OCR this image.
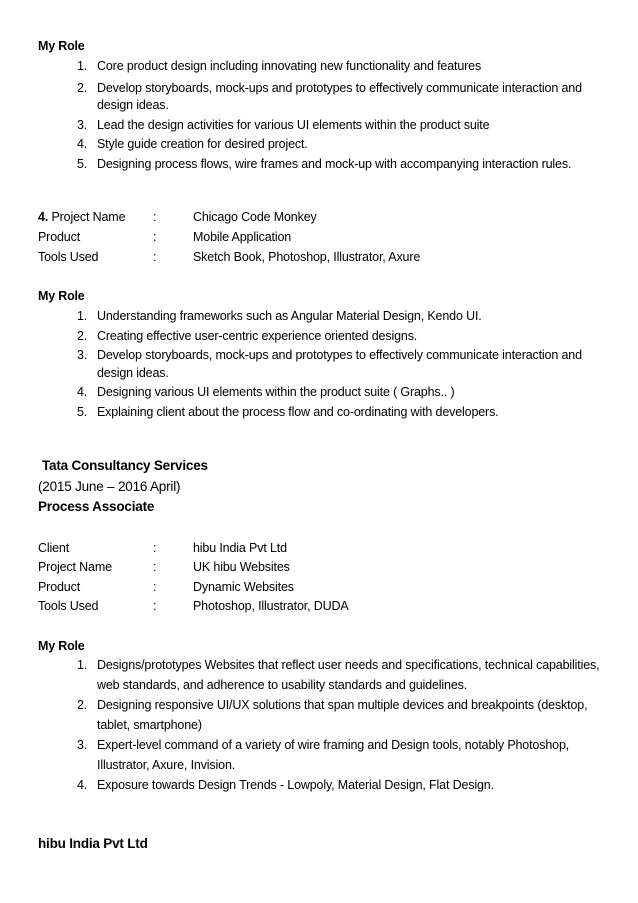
My Role
1. Core product design including innovating new functionality and features
2. Develop storyboards, mock-ups and prototypes to effectively communicate interaction and design ideas.
3. Lead the design activities for various UI elements within the product suite
4. Style guide creation for desired project.
5. Designing process flows, wire frames and mock-up with accompanying interaction rules.
4. Project Name :	Chicago Code Monkey
Product	:	Mobile Application
Tools Used	:	Sketch Book, Photoshop, Illustrator, Axure
My Role
1. Understanding frameworks such as Angular Material Design, Kendo UI.
2. Creating effective user-centric experience oriented designs.
3. Develop storyboards, mock-ups and prototypes to effectively communicate interaction and design ideas.
4. Designing various UI elements within the product suite ( Graphs.. )
5. Explaining client about the process flow and co-ordinating with developers.
Tata Consultancy Services
(2015 June – 2016 April)
Process Associate
Client	:	hibu India Pvt Ltd
Project Name	:	UK hibu Websites
Product	:	Dynamic Websites
Tools Used	:	Photoshop, Illustrator, DUDA
My Role
1. Designs/prototypes Websites that reflect user needs and specifications, technical capabilities, web standards, and adherence to usability standards and guidelines.
2. Designing responsive UI/UX solutions that span multiple devices and breakpoints (desktop, tablet, smartphone)
3. Expert-level command of a variety of wire framing and Design tools, notably Photoshop, Illustrator, Axure, Invision.
4. Exposure towards Design Trends - Lowpoly, Material Design, Flat Design.
hibu India Pvt Ltd
